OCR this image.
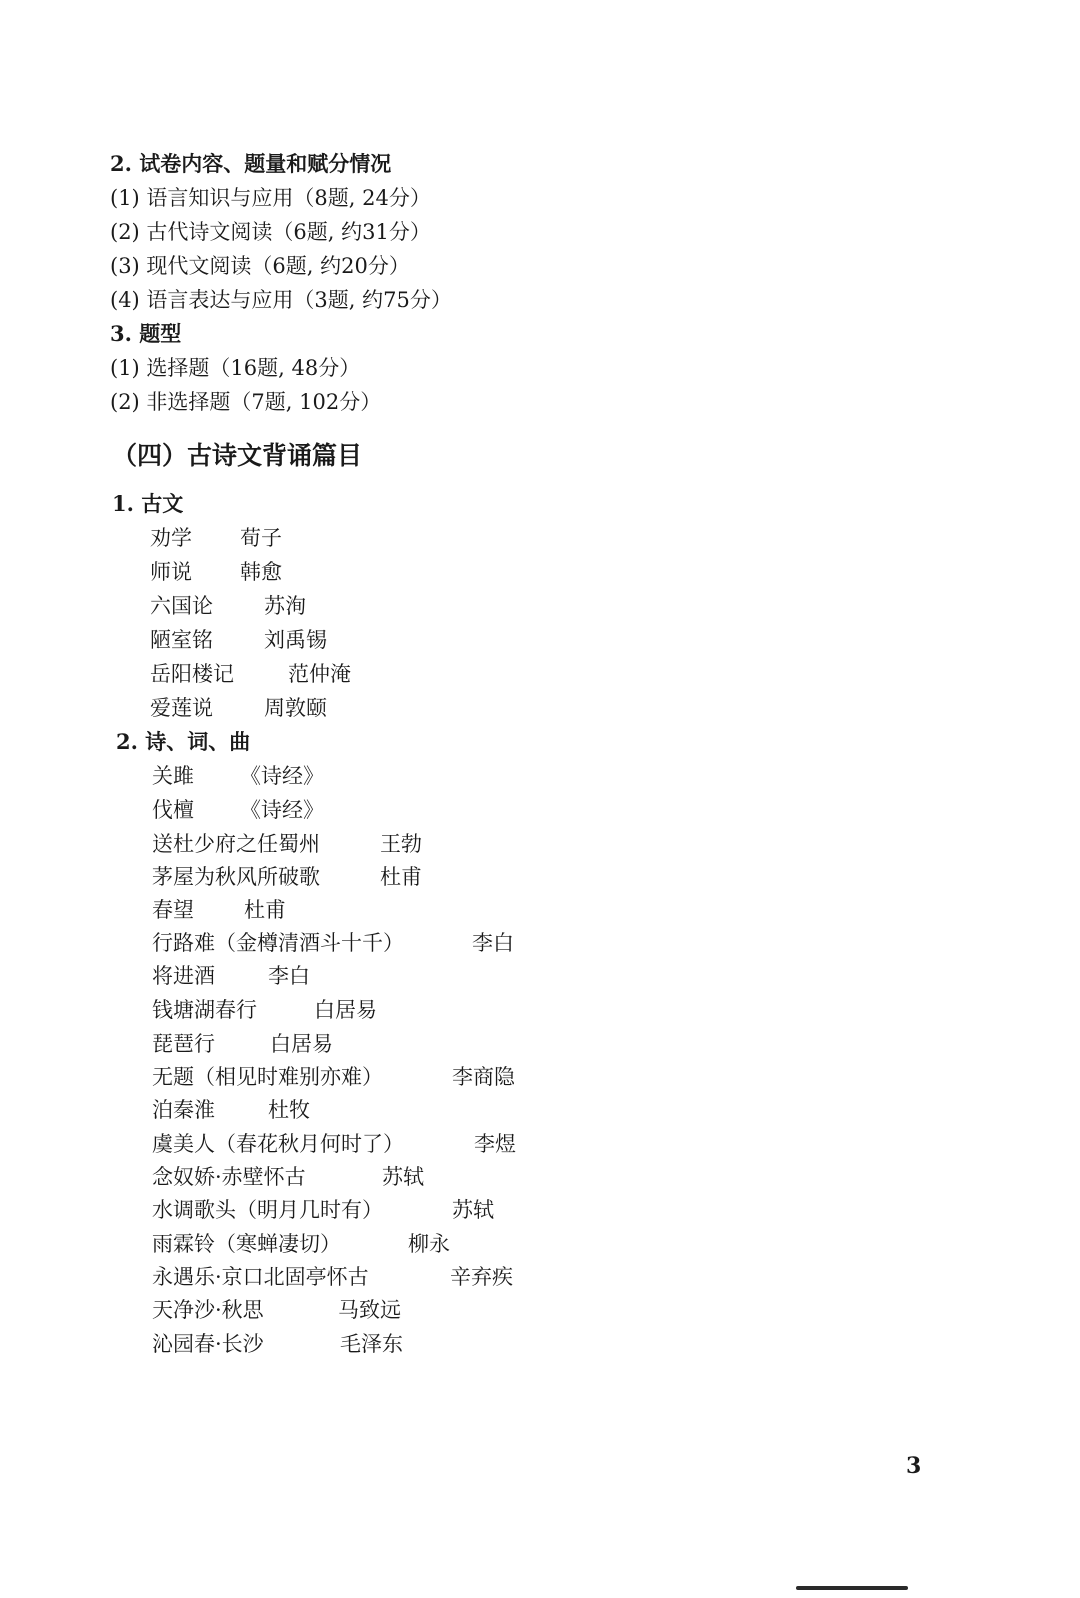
2. 试卷内容、题量和赋分情况
(1) 语言知识与应用（8题, 24分）
(2) 古代诗文阅读（6题, 约31分）
(3) 现代文阅读（6题, 约20分）
(4) 语言表达与应用（3题, 约75分）
3. 题型
(1) 选择题（16题, 48分）
(2) 非选择题（7题, 102分）
（四）古诗文背诵篇目
1. 古文
劝学 荀子
师说 韩愈
六国论 苏洵
陋室铭 刘禹锡
岳阳楼记	范仲淹
爱莲说 周敦颐
2. 诗、词、曲
关雎 《诗经》
伐檀 《诗经》
送杜少府之任蜀州	王勃
茅屋为秋风所破歌	杜甫
春望 杜甫
行路难（金樽清酒斗十千）	李白
将进酒	李白
钱塘湖春行	白居易
琵琶行	白居易
无题（相见时难别亦难）	李商隐
泊秦淮	杜牧
虞美人（春花秋月何时了）	李煜
念奴娇·赤壁怀古	苏轼
水调歌头（明月几时有）	苏轼
雨霖铃（寒蝉凄切）	柳永
永遇乐·京口北固亭怀古	辛弃疾
天净沙·秋思	马致远
沁园春·长沙	毛泽东
3
